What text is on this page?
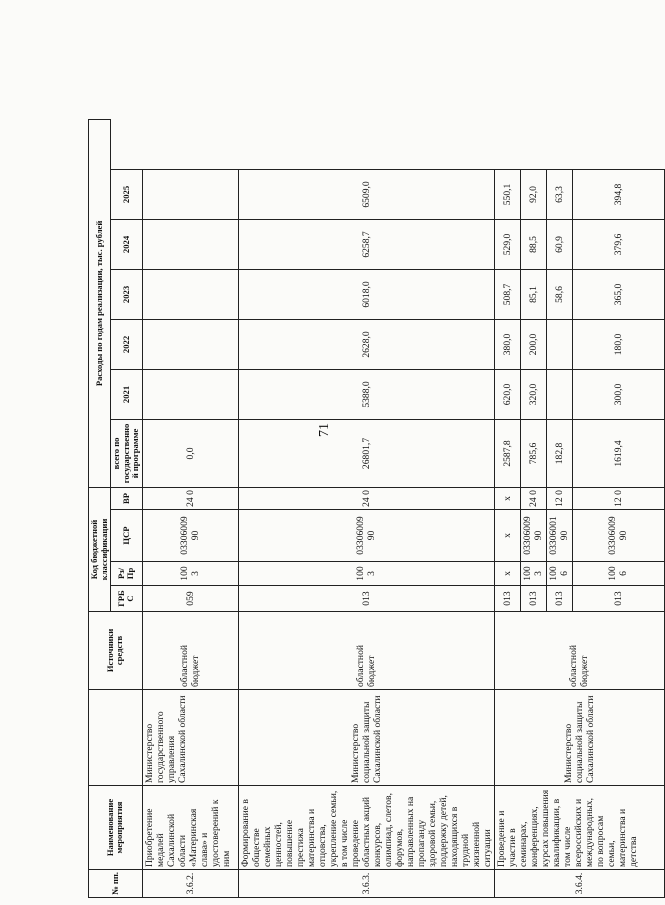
71
№ пп.	Наименование мероприятия		Источники средств	Код бюджетной классификации				Расходы по годам реализации, тыс. рублей					
				ГРБС	Рз/ Пр	ЦСР	ВР	всего по государственной программе	2021	2022	2023	2024	2025

3.6.2.	Приобретение медалей Сахалинской области «Материнская слава» и удостоверений к ним	Министерство государственного управления Сахалинской области	областной бюджет	059	100 3	03306009 90	24 0	0,0					
3.6.3.	Формирование в обществе семейных ценностей, повышение престижа материнства и отцовства, укрепление семьи, в том числе проведение областных акций конкурсов, олимпиад, слетов, форумов, направленных на пропаганду здоровой семьи, поддержку детей, находящихся в трудной жизненной ситуации	Министерство социальной защиты Сахалинской области	областной бюджет	013	100 3	03306009 90	24 0	26801,7	5388,0	2628,0	6018,0	6258,7	6509,0
3.6.4.	Проведение и участие в семинарах, конференциях, курсах повышения квалификации, в том числе всероссийских и международных, по вопросам семьи, материнства и детства	Министерство социальной защиты Сахалинской области	областной бюджет	013	x	x	x	2587,8	620,0	380,0	508,7	529,0	550,1
				013	100 3	03306009 90	24 0	785,6	320,0	200,0	85,1	88,5	92,0
				013	100 6	03306001 90	12 0	182,8			58,6	60,9	63,3
				013	100 6	03306009 90	12 0	1619,4	300,0	180,0	365,0	379,6	394,8
